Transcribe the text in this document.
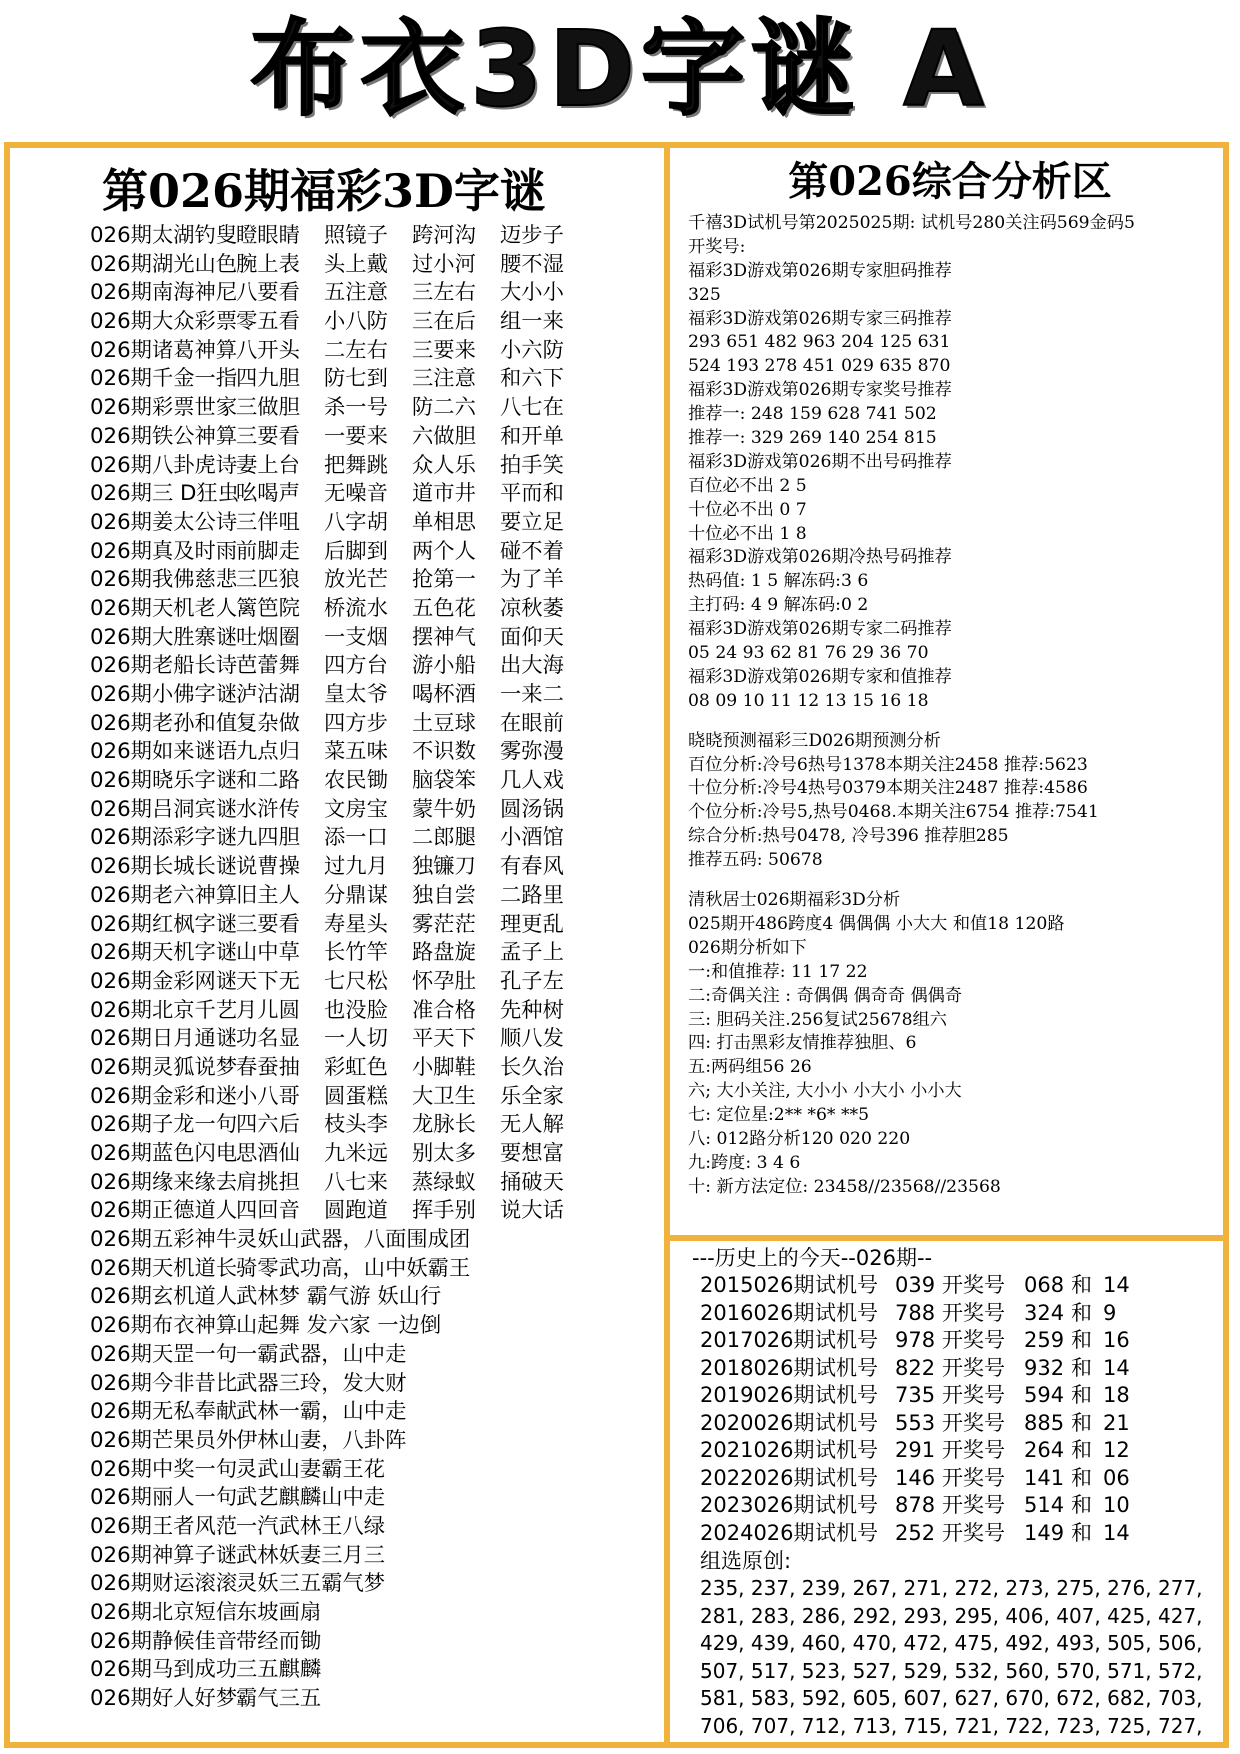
布衣3D字谜 A
第026期福彩3D字谜
026期太湖钓叟瞪眼睛 照镜子 跨河沟 迈步子
026期湖光山色腕上表 头上戴 过小河 腰不湿
026期南海神尼八要看 五注意 三左右 大小小
026期大众彩票零五看 小八防 三在后 组一来
026期诸葛神算八开头 二左右 三要来 小六防
026期千金一指四九胆 防七到 三注意 和六下
026期彩票世家三做胆 杀一号 防二六 八七在
026期铁公神算三要看 一要来 六做胆 和开单
026期八卦虎诗妻上台 把舞跳 众人乐 拍手笑
026期三 D狂虫吆喝声 无噪音 道市井 平而和
026期姜太公诗三伴咀 八字胡 单相思 要立足
026期真及时雨前脚走 后脚到 两个人 碰不着
026期我佛慈悲三匹狼 放光芒 抢第一 为了羊
026期天机老人篱笆院 桥流水 五色花 凉秋萎
026期大胜寨谜吐烟圈 一支烟 摆神气 面仰天
026期老船长诗芭蕾舞 四方台 游小船 出大海
026期小佛字谜泸沽湖 皇太爷 喝杯酒 一来二
026期老孙和值复杂做 四方步 土豆球 在眼前
026期如来谜语九点归 菜五味 不识数 雾弥漫
026期晓乐字谜和二路 农民锄 脑袋笨 几人戏
026期吕洞宾谜水浒传 文房宝 蒙牛奶 圆汤锅
026期添彩字谜九四胆 添一口 二郎腿 小酒馆
026期长城长谜说曹操 过九月 独镰刀 有春风
026期老六神算旧主人 分鼎谋 独自尝 二路里
026期红枫字谜三要看 寿星头 雾茫茫 理更乱
026期天机字谜山中草 长竹竿 路盘旋 孟子上
026期金彩网谜天下无 七尺松 怀孕肚 孔子左
026期北京千艺月儿圆 也没脸 准合格 先种树
026期日月通谜功名显 一人切 平天下 顺八发
026期灵狐说梦春蚕抽 彩虹色 小脚鞋 长久治
026期金彩和迷小八哥 圆蛋糕 大卫生 乐全家
026期子龙一句四六后 枝头李 龙脉长 无人解
026期蓝色闪电思酒仙 九米远 别太多 要想富
026期缘来缘去肩挑担 八七来 蒸绿蚁 捅破天
026期正德道人四回音 圆跑道 挥手别 说大话
026期五彩神牛灵妖山武器，八面围成团
026期天机道长骑零武功高，山中妖霸王
026期玄机道人武林梦 霸气游 妖山行
026期布衣神算山起舞 发六家 一边倒
026期天罡一句一霸武器，山中走
026期今非昔比武器三玲，发大财
026期无私奉献武林一霸，山中走
026期芒果员外伊林山妻，八卦阵
026期中奖一句灵武山妻霸王花
026期丽人一句武艺麒麟山中走
026期王者风范一汽武林王八绿
026期神算子谜武林妖妻三月三
026期财运滚滚灵妖三五霸气梦
026期北京短信东坡画扇
026期静候佳音带经而锄
026期马到成功三五麒麟
026期好人好梦霸气三五
第026综合分析区
千禧3D试机号第2025025期: 试机号280关注码569金码5
开奖号:
福彩3D游戏第026期专家胆码推荐
325
福彩3D游戏第026期专家三码推荐
293 651 482 963 204 125 631
524 193 278 451 029 635 870
福彩3D游戏第026期专家奖号推荐
推荐一: 248 159 628 741 502
推荐一: 329 269 140 254 815
福彩3D游戏第026期不出号码推荐
百位必不出 2 5
十位必不出 0 7
十位必不出 1 8
福彩3D游戏第026期冷热号码推荐
热码值: 1 5 解冻码:3 6
主打码: 4 9 解冻码:0 2
福彩3D游戏第026期专家二码推荐
05 24 93 62 81 76 29 36 70
福彩3D游戏第026期专家和值推荐
08 09 10 11 12 13 15 16 18
晓晓预测福彩三D026期预测分析
百位分析:冷号6热号1378本期关注2458 推荐:5623
十位分析:冷号4热号0379本期关注2487 推荐:4586
个位分析:冷号5,热号0468.本期关注6754 推荐:7541
综合分析:热号0478, 冷号396 推荐胆285
推荐五码: 50678
清秋居士026期福彩3D分析
025期开486跨度4 偶偶偶 小大大 和值18 120路
026期分析如下
一:和值推荐: 11 17 22
二:奇偶关注 : 奇偶偶 偶奇奇 偶偶奇
三: 胆码关注.256复试25678组六
四: 打击黑彩友情推荐独胆、6
五:两码组56 26
六; 大小关注, 大小小 小大小 小小大
七: 定位星:2** *6* **5
八: 012路分析120 020 220
九:跨度: 3 4 6
十: 新方法定位: 23458//23568//23568
---历史上的今天--026期--
2015026期试机号 039 开奖号 068 和 14
2016026期试机号 788 开奖号 324 和 9
2017026期试机号 978 开奖号 259 和 16
2018026期试机号 822 开奖号 932 和 14
2019026期试机号 735 开奖号 594 和 18
2020026期试机号 553 开奖号 885 和 21
2021026期试机号 291 开奖号 264 和 12
2022026期试机号 146 开奖号 141 和 06
2023026期试机号 878 开奖号 514 和 10
2024026期试机号 252 开奖号 149 和 14
组选原创:
235, 237, 239, 267, 271, 272, 273, 275, 276, 277,
281, 283, 286, 292, 293, 295, 406, 407, 425, 427,
429, 439, 460, 470, 472, 475, 492, 493, 505, 506,
507, 517, 523, 527, 529, 532, 560, 570, 571, 572,
581, 583, 592, 605, 607, 627, 670, 672, 682, 703,
706, 707, 712, 713, 715, 721, 722, 723, 725, 727,
